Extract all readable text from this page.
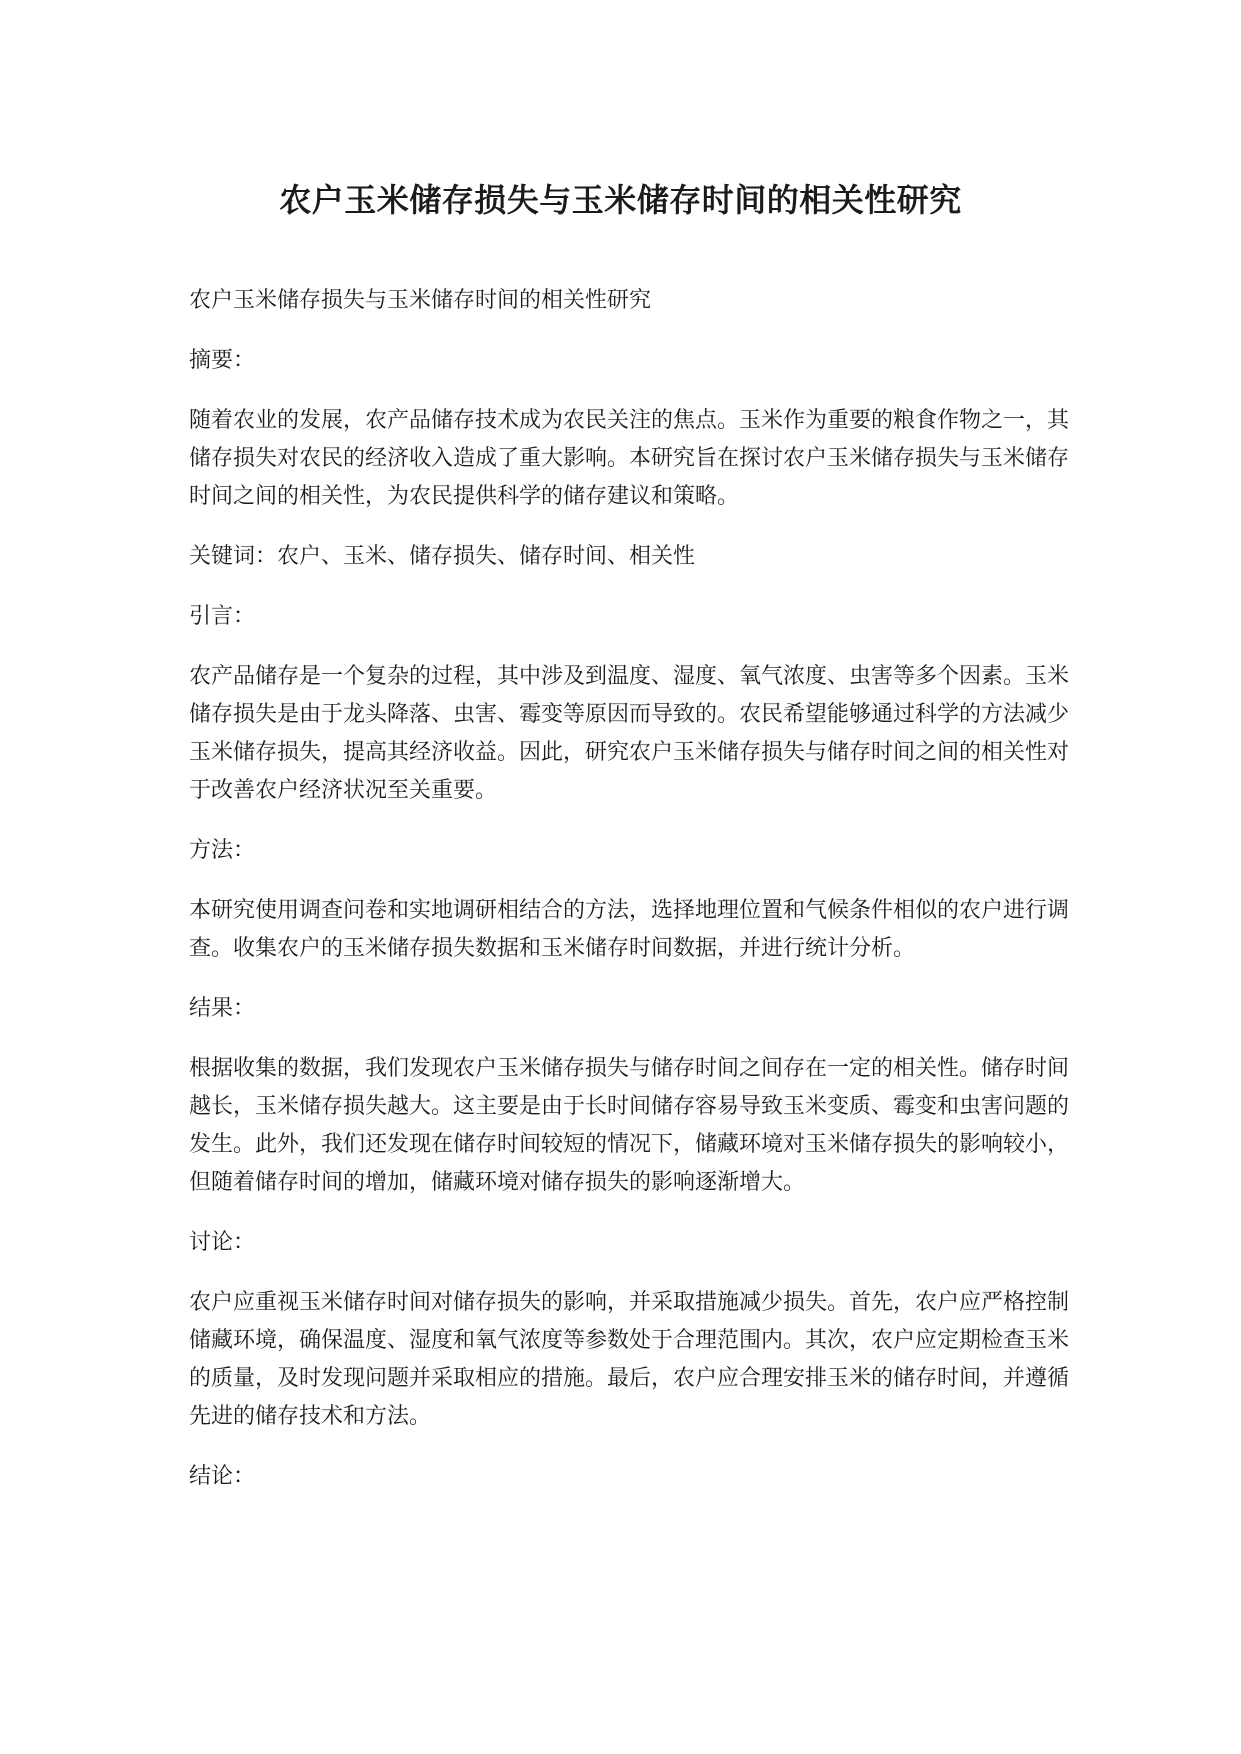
农户玉米储存损失与玉米储存时间的相关性研究

农户玉米储存损失与玉米储存时间的相关性研究

摘要：

随着农业的发展，农产品储存技术成为农民关注的焦点。玉米作为重要的粮食作物之一，其储存损失对农民的经济收入造成了重大影响。本研究旨在探讨农户玉米储存损失与玉米储存时间之间的相关性，为农民提供科学的储存建议和策略。

关键词：农户、玉米、储存损失、储存时间、相关性

引言：

农产品储存是一个复杂的过程，其中涉及到温度、湿度、氧气浓度、虫害等多个因素。玉米储存损失是由于龙头降落、虫害、霉变等原因而导致的。农民希望能够通过科学的方法减少玉米储存损失，提高其经济收益。因此，研究农户玉米储存损失与储存时间之间的相关性对于改善农户经济状况至关重要。

方法：

本研究使用调查问卷和实地调研相结合的方法，选择地理位置和气候条件相似的农户进行调查。收集农户的玉米储存损失数据和玉米储存时间数据，并进行统计分析。

结果：

根据收集的数据，我们发现农户玉米储存损失与储存时间之间存在一定的相关性。储存时间越长，玉米储存损失越大。这主要是由于长时间储存容易导致玉米变质、霉变和虫害问题的发生。此外，我们还发现在储存时间较短的情况下，储藏环境对玉米储存损失的影响较小，但随着储存时间的增加，储藏环境对储存损失的影响逐渐增大。

讨论：

农户应重视玉米储存时间对储存损失的影响，并采取措施减少损失。首先，农户应严格控制储藏环境，确保温度、湿度和氧气浓度等参数处于合理范围内。其次，农户应定期检查玉米的质量，及时发现问题并采取相应的措施。最后，农户应合理安排玉米的储存时间，并遵循先进的储存技术和方法。

结论：
